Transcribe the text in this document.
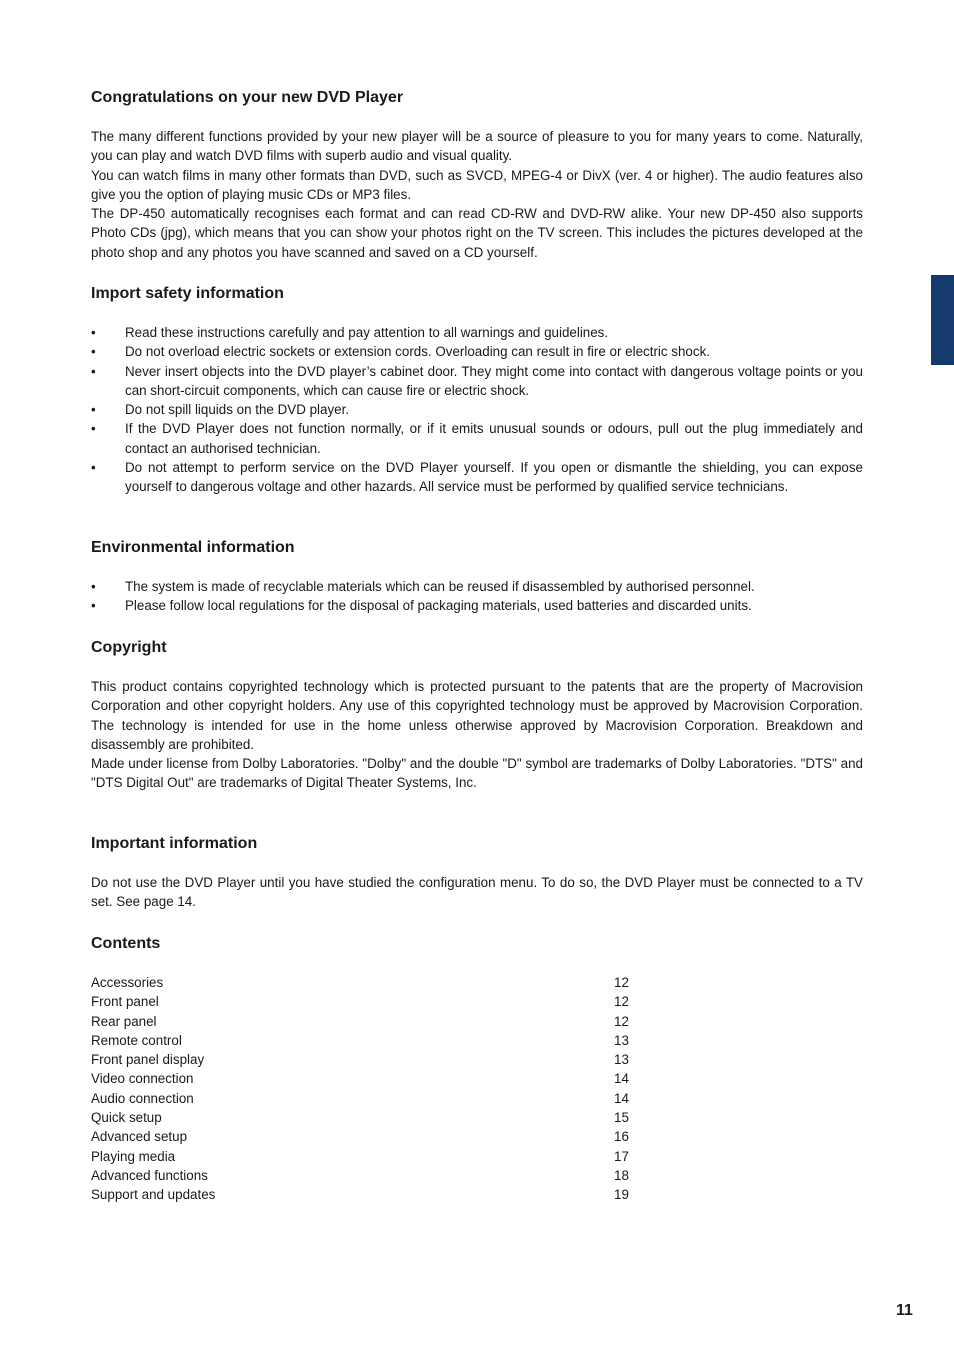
Congratulations on your new DVD Player

The many different functions provided by your new player will be a source of pleasure to you for many years to come. Naturally, you can play and watch DVD films with superb audio and visual quality.

You can watch films in many other formats than DVD, such as SVCD, MPEG-4 or DivX (ver. 4 or higher). The audio features also give you the option of playing music CDs or MP3 files.

The DP-450 automatically recognises each format and can read CD-RW and DVD-RW alike. Your new DP-450 also supports Photo CDs (jpg), which means that you can show your photos right on the TV screen. This includes the pictures developed at the photo shop and any photos you have scanned and saved on a CD yourself.

Import safety information
• Read these instructions carefully and pay attention to all warnings and guidelines.
• Do not overload electric sockets or extension cords. Overloading can result in fire or electric shock.
• Never insert objects into the DVD player’s cabinet door. They might come into contact with dangerous voltage points or you can short-circuit components, which can cause fire or electric shock.
• Do not spill liquids on the DVD player.
• If the DVD Player does not function normally, or if it emits unusual sounds or odours, pull out the plug immediately and contact an authorised technician.
• Do not attempt to perform service on the DVD Player yourself. If you open or dismantle the shielding, you can expose yourself to dangerous voltage and other hazards. All service must be performed by qualified service technicians.
Environmental information
• The system is made of recyclable materials which can be reused if disassembled by authorised personnel.
• Please follow local regulations for the disposal of packaging materials, used batteries and discarded units.
Copyright

This product contains copyrighted technology which is protected pursuant to the patents that are the property of Macrovision Corporation and other copyright holders. Any use of this copyrighted technology must be approved by Macrovision Corporation. The technology is intended for use in the home unless otherwise approved by Macrovision Corporation. Breakdown and disassembly are prohibited.

Made under license from Dolby Laboratories. "Dolby" and the double "D" symbol are trademarks of Dolby Laboratories. "DTS" and "DTS Digital Out" are trademarks of Digital Theater Systems, Inc.

Important information

Do not use the DVD Player until you have studied the configuration menu. To do so, the DVD Player must be connected to a TV set. See page 14.

Contents
Accessories	12
Front panel	12
Rear panel	12
Remote control	13
Front panel display	13
Video connection	14
Audio connection	14
Quick setup	15
Advanced setup	16
Playing media	17
Advanced functions	18
Support and updates	19
11
